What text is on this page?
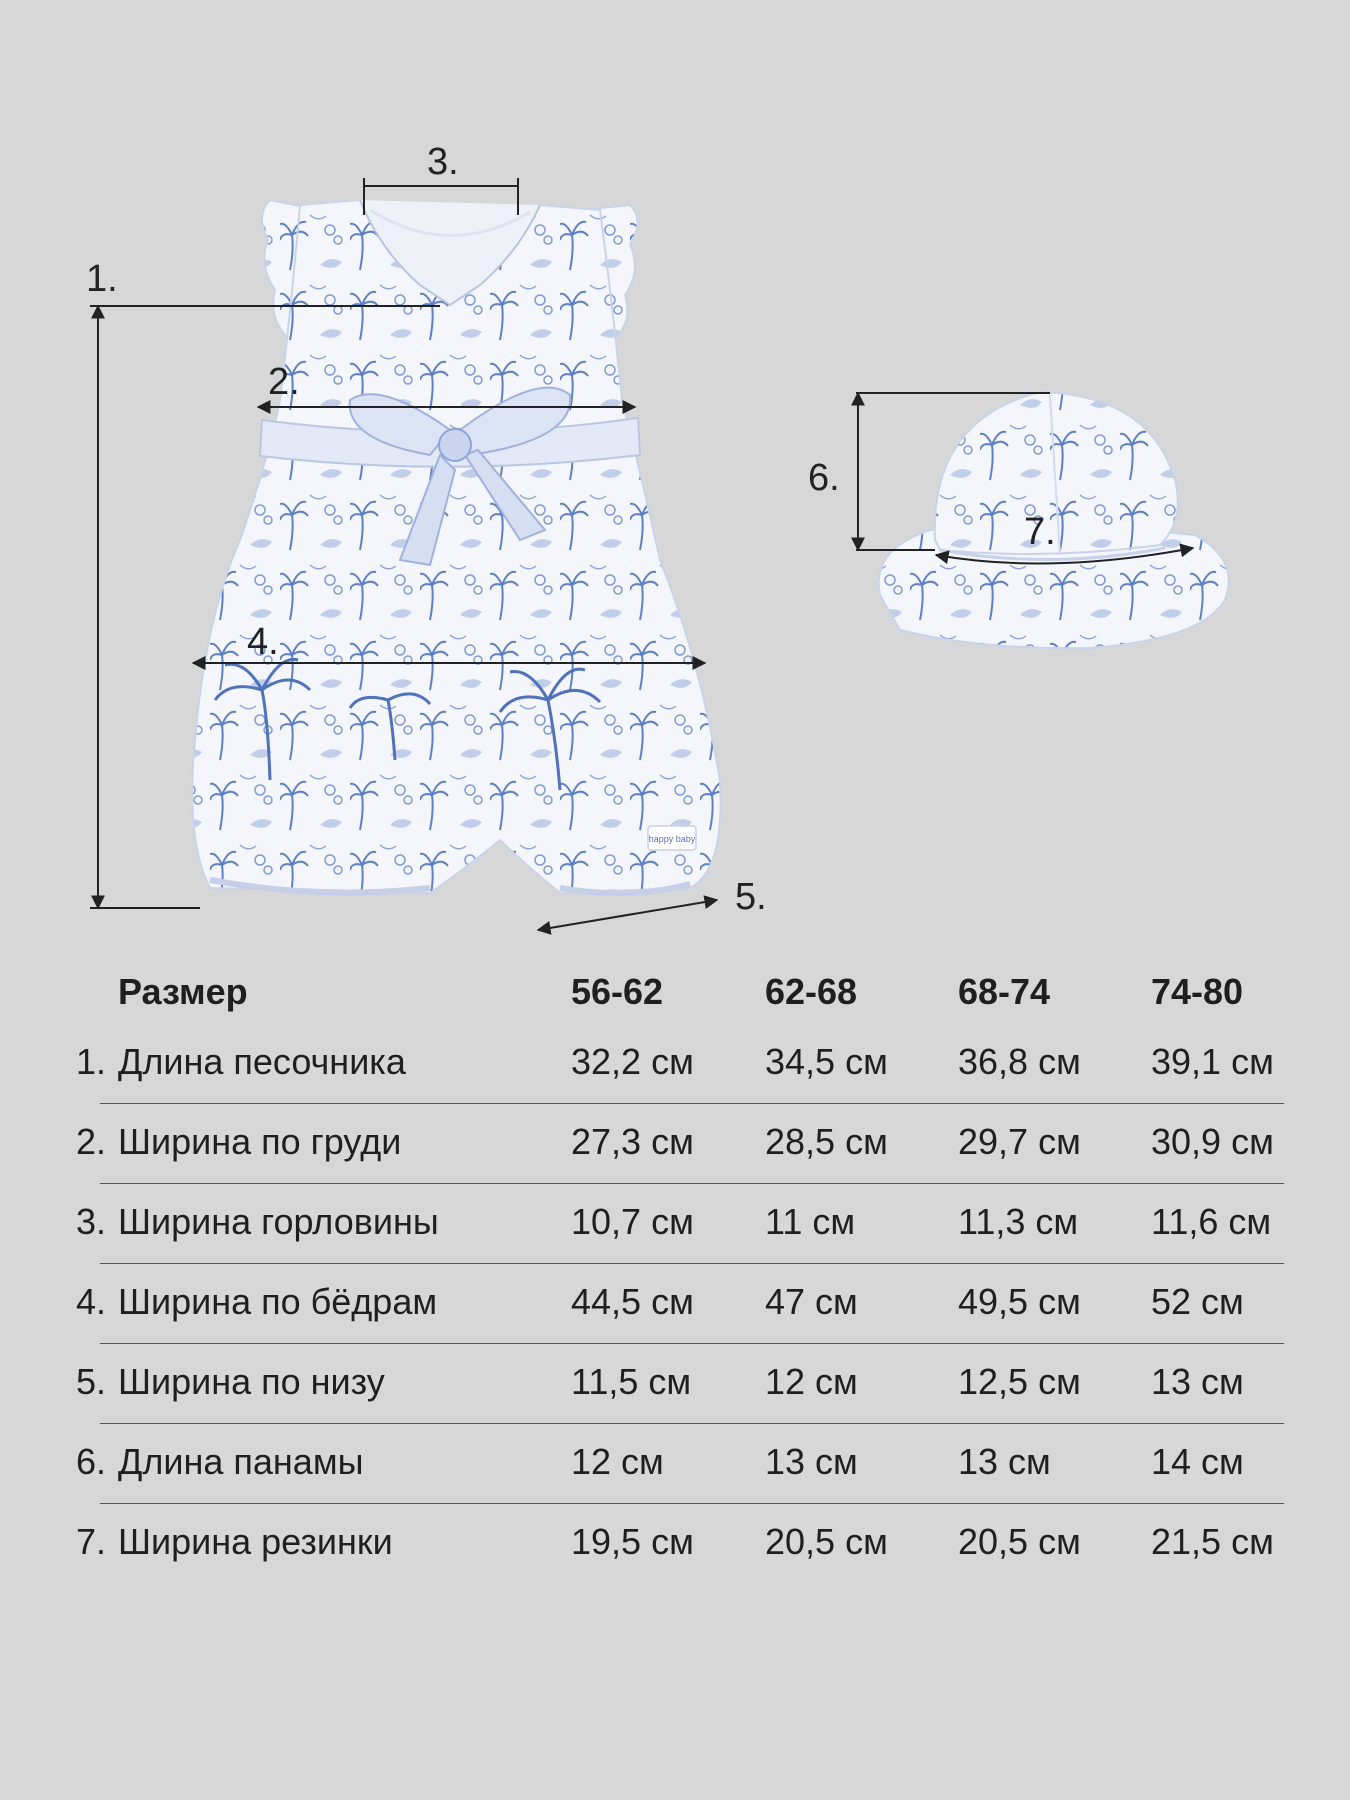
happy baby
1.
2.
3.
4.
5.
6.
7.
Размер	56-62	62-68	68-74	74-80
1. Длина песочника	32,2 см 34,5 см 36,8 см 39,1 см
2. Ширина по груди	27,3 см 28,5 см 29,7 см 30,9 см
3. Ширина горловины	10,7 см 11 см	11,3 см 11,6 см
4. Ширина по бёдрам	44,5 см 47 см	49,5 см 52 см
5. Ширина по низу	11,5 см 12 см	12,5 см 13 см
6. Длина панамы	12 см	13 см	13 см	14 см
7. Ширина резинки	19,5 см 20,5 см 20,5 см 21,5 см
